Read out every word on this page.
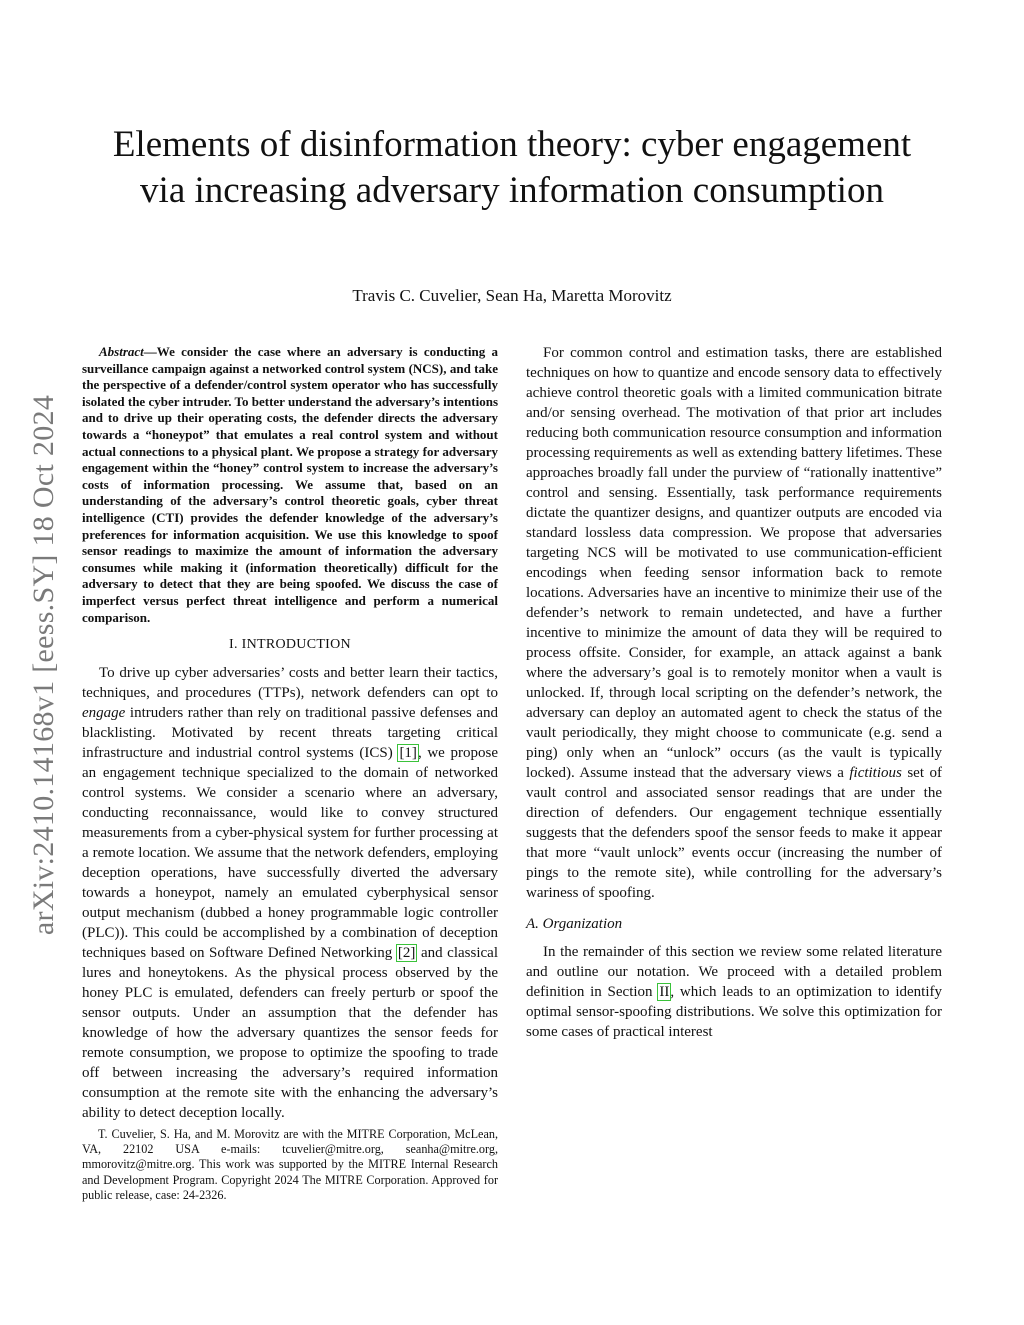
Elements of disinformation theory: cyber engagement via increasing adversary information consumption
Travis C. Cuvelier, Sean Ha, Maretta Morovitz
arXiv:2410.14168v1 [eess.SY] 18 Oct 2024

Abstract—We consider the case where an adversary is conducting a surveillance campaign against a networked control system (NCS), and take the perspective of a defender/control system operator who has successfully isolated the cyber intruder. To better understand the adversary’s intentions and to drive up their operating costs, the defender directs the adversary towards a “honeypot” that emulates a real control system and without actual connections to a physical plant. We propose a strategy for adversary engagement within the “honey” control system to increase the adversary’s costs of information processing. We assume that, based on an understanding of the adversary’s control theoretic goals, cyber threat intelligence (CTI) provides the defender knowledge of the adversary’s preferences for information acquisition. We use this knowledge to spoof sensor readings to maximize the amount of information the adversary consumes while making it (information theoretically) difficult for the adversary to detect that they are being spoofed. We discuss the case of imperfect versus perfect threat intelligence and perform a numerical comparison.

I. INTRODUCTION

To drive up cyber adversaries’ costs and better learn their tactics, techniques, and procedures (TTPs), network defenders can opt to engage intruders rather than rely on traditional passive defenses and blacklisting. Motivated by recent threats targeting critical infrastructure and industrial control systems (ICS) [1], we propose an engagement technique specialized to the domain of networked control systems. We consider a scenario where an adversary, conducting reconnaissance, would like to convey structured measurements from a cyber-physical system for further processing at a remote location. We assume that the network defenders, employing deception operations, have successfully diverted the adversary towards a honeypot, namely an emulated cyberphysical sensor output mechanism (dubbed a honey programmable logic controller (PLC)). This could be accomplished by a combination of deception techniques based on Software Defined Networking [2] and classical lures and honeytokens. As the physical process observed by the honey PLC is emulated, defenders can freely perturb or spoof the sensor outputs. Under an assumption that the defender has knowledge of how the adversary quantizes the sensor feeds for remote consumption, we propose to optimize the spoofing to trade off between increasing the adversary’s required information consumption at the remote site with the enhancing the adversary’s ability to detect deception locally.

T. Cuvelier, S. Ha, and M. Morovitz are with the MITRE Corporation, McLean, VA, 22102 USA e-mails: tcuvelier@mitre.org, seanha@mitre.org, mmorovitz@mitre.org. This work was supported by the MITRE Internal Research and Development Program. Copyright 2024 The MITRE Corporation. Approved for public release, case: 24-2326.

For common control and estimation tasks, there are established techniques on how to quantize and encode sensory data to effectively achieve control theoretic goals with a limited communication bitrate and/or sensing overhead. The motivation of that prior art includes reducing both communication resource consumption and information processing requirements as well as extending battery lifetimes. These approaches broadly fall under the purview of “rationally inattentive” control and sensing. Essentially, task performance requirements dictate the quantizer designs, and quantizer outputs are encoded via standard lossless data compression. We propose that adversaries targeting NCS will be motivated to use communication-efficient encodings when feeding sensor information back to remote locations. Adversaries have an incentive to minimize their use of the defender’s network to remain undetected, and have a further incentive to minimize the amount of data they will be required to process offsite. Consider, for example, an attack against a bank where the adversary’s goal is to remotely monitor when a vault is unlocked. If, through local scripting on the defender’s network, the adversary can deploy an automated agent to check the status of the vault periodically, they might choose to communicate (e.g. send a ping) only when an “unlock” occurs (as the vault is typically locked). Assume instead that the adversary views a fictitious set of vault control and associated sensor readings that are under the direction of defenders. Our engagement technique essentially suggests that the defenders spoof the sensor feeds to make it appear that more “vault unlock” events occur (increasing the number of pings to the remote site), while controlling for the adversary’s wariness of spoofing.

A. Organization

In the remainder of this section we review some related literature and outline our notation. We proceed with a detailed problem definition in Section II, which leads to an optimization to identify optimal sensor-spoofing distributions. We solve this optimization for some cases of practical interest
